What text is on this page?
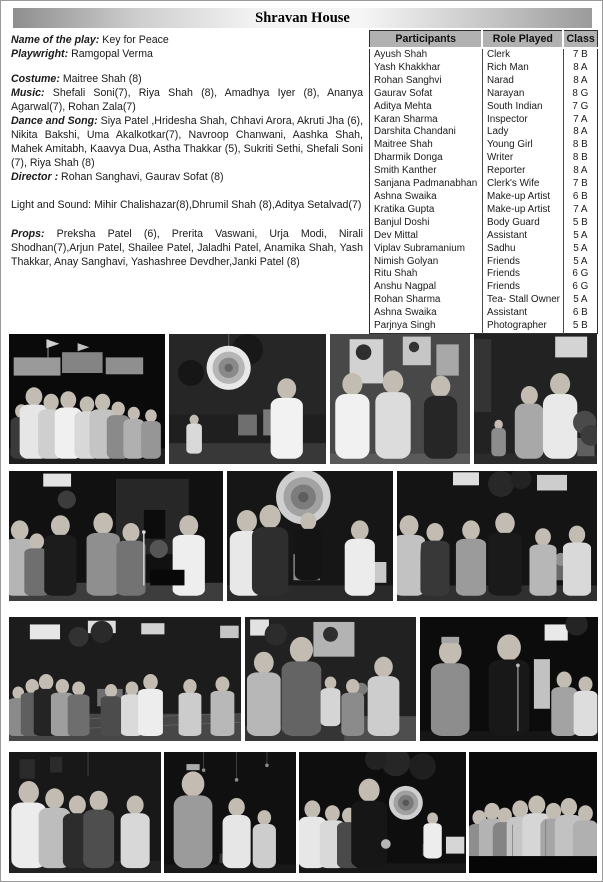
Shravan House
Name of the play: Key for Peace
Playwright: Ramgopal Verma
Costume: Maitree Shah (8)
Music: Shefali Soni(7), Riya Shah (8), Amadhya Iyer (8), Ananya Agarwal(7), Rohan Zala(7)
Dance and Song: Siya Patel ,Hridesha Shah, Chhavi Arora, Akruti Jha (6), Nikita Bakshi, Uma Akalkotkar(7), Navroop Chanwani, Aashka Shah, Mahek Amitabh, Kaavya Dua, Astha Thakkar (5), Sukriti Sethi, Shefali Soni (7), Riya Shah (8)
Director : Rohan Sanghavi, Gaurav Sofat (8)
Light and Sound: Mihir Chalishazar(8),Dhrumil Shah (8),Aditya Setalvad(7)
Props: Preksha Patel (6), Prerita Vaswani, Urja Modi, Nirali Shodhan(7),Arjun Patel, Shailee Patel, Jaladhi Patel, Anamika Shah, Yash Thakkar, Anay Sanghavi, Yashashree Devdher,Janki Patel (8)
Participants	Role Played	Class
Ayush Shah	Clerk	7 B
Yash Khakkhar	Rich Man	8 A
Rohan Sanghvi	Narad	8 A
Gaurav Sofat	Narayan	8 G
Aditya Mehta	South Indian	7 G
Karan Sharma	Inspector	7 A
Darshita Chandani	Lady	8 A
Maitree Shah	Young Girl	8 B
Dharmik Donga	Writer	8 B
Smith Kanther	Reporter	8 A
Sanjana Padmanabhan	Clerk's Wife	7 B
Ashna Swaika	Make-up Artist	6 B
Kratika Gupta	Make-up Artist	7 A
Banjul Doshi	Body Guard	5 B
Dev Mittal	Assistant	5 A
Viplav Subramanium	Sadhu	5 A
Nimish Golyan	Friends	5 A
Ritu Shah	Friends	6 G
Anshu Nagpal	Friends	6 G
Rohan Sharma	Tea- Stall Owner	5 A
Ashna Swaika	Assistant	6 B
Parjnya Singh	Photographer	5 B
